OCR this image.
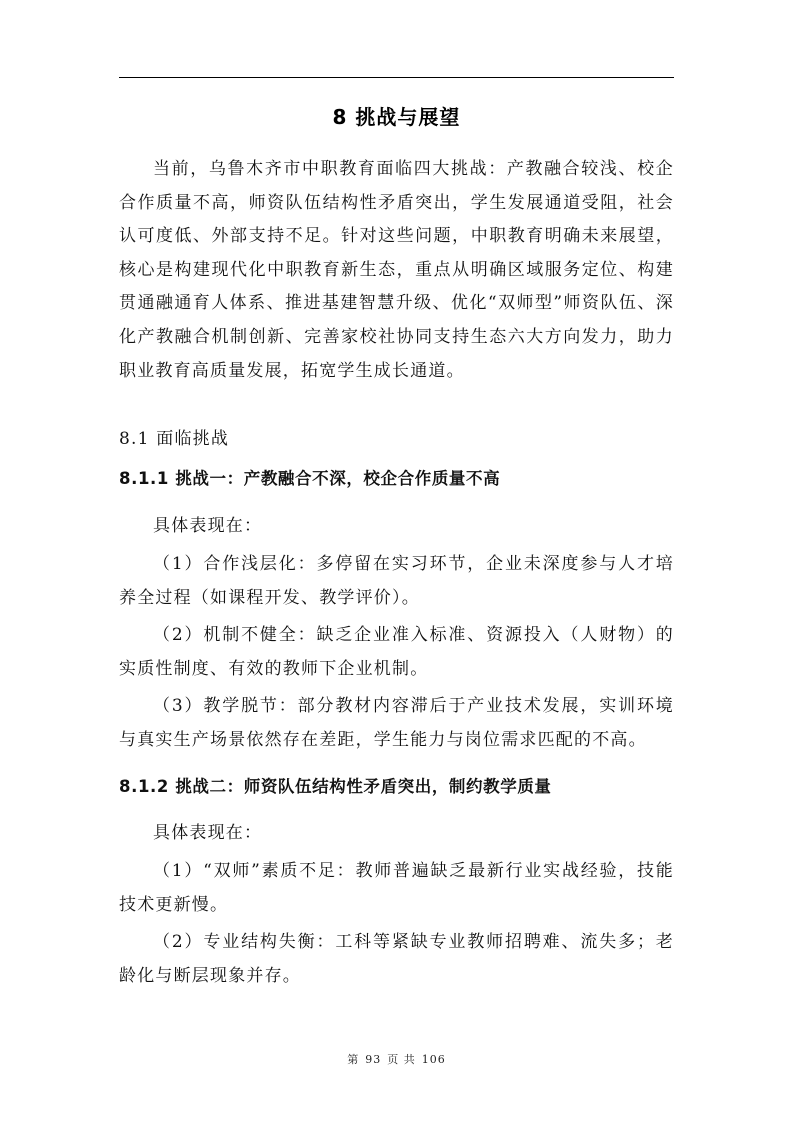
8 挑战与展望

当前，乌鲁木齐市中职教育面临四大挑战：产教融合较浅、校企合作质量不高，师资队伍结构性矛盾突出，学生发展通道受阻，社会认可度低、外部支持不足。针对这些问题，中职教育明确未来展望，核心是构建现代化中职教育新生态，重点从明确区域服务定位、构建贯通融通育人体系、推进基建智慧升级、优化“双师型”师资队伍、深化产教融合机制创新、完善家校社协同支持生态六大方向发力，助力职业教育高质量发展，拓宽学生成长通道。

8.1 面临挑战

8.1.1 挑战一：产教融合不深，校企合作质量不高

具体表现在：

（1）合作浅层化：多停留在实习环节，企业未深度参与人才培养全过程（如课程开发、教学评价）。

（2）机制不健全：缺乏企业准入标准、资源投入（人财物）的实质性制度、有效的教师下企业机制。

（3）教学脱节：部分教材内容滞后于产业技术发展，实训环境与真实生产场景依然存在差距，学生能力与岗位需求匹配的不高。

8.1.2 挑战二：师资队伍结构性矛盾突出，制约教学质量

具体表现在：

（1）“双师”素质不足：教师普遍缺乏最新行业实战经验，技能技术更新慢。

（2）专业结构失衡：工科等紧缺专业教师招聘难、流失多；老龄化与断层现象并存。

第 93 页 共 106
